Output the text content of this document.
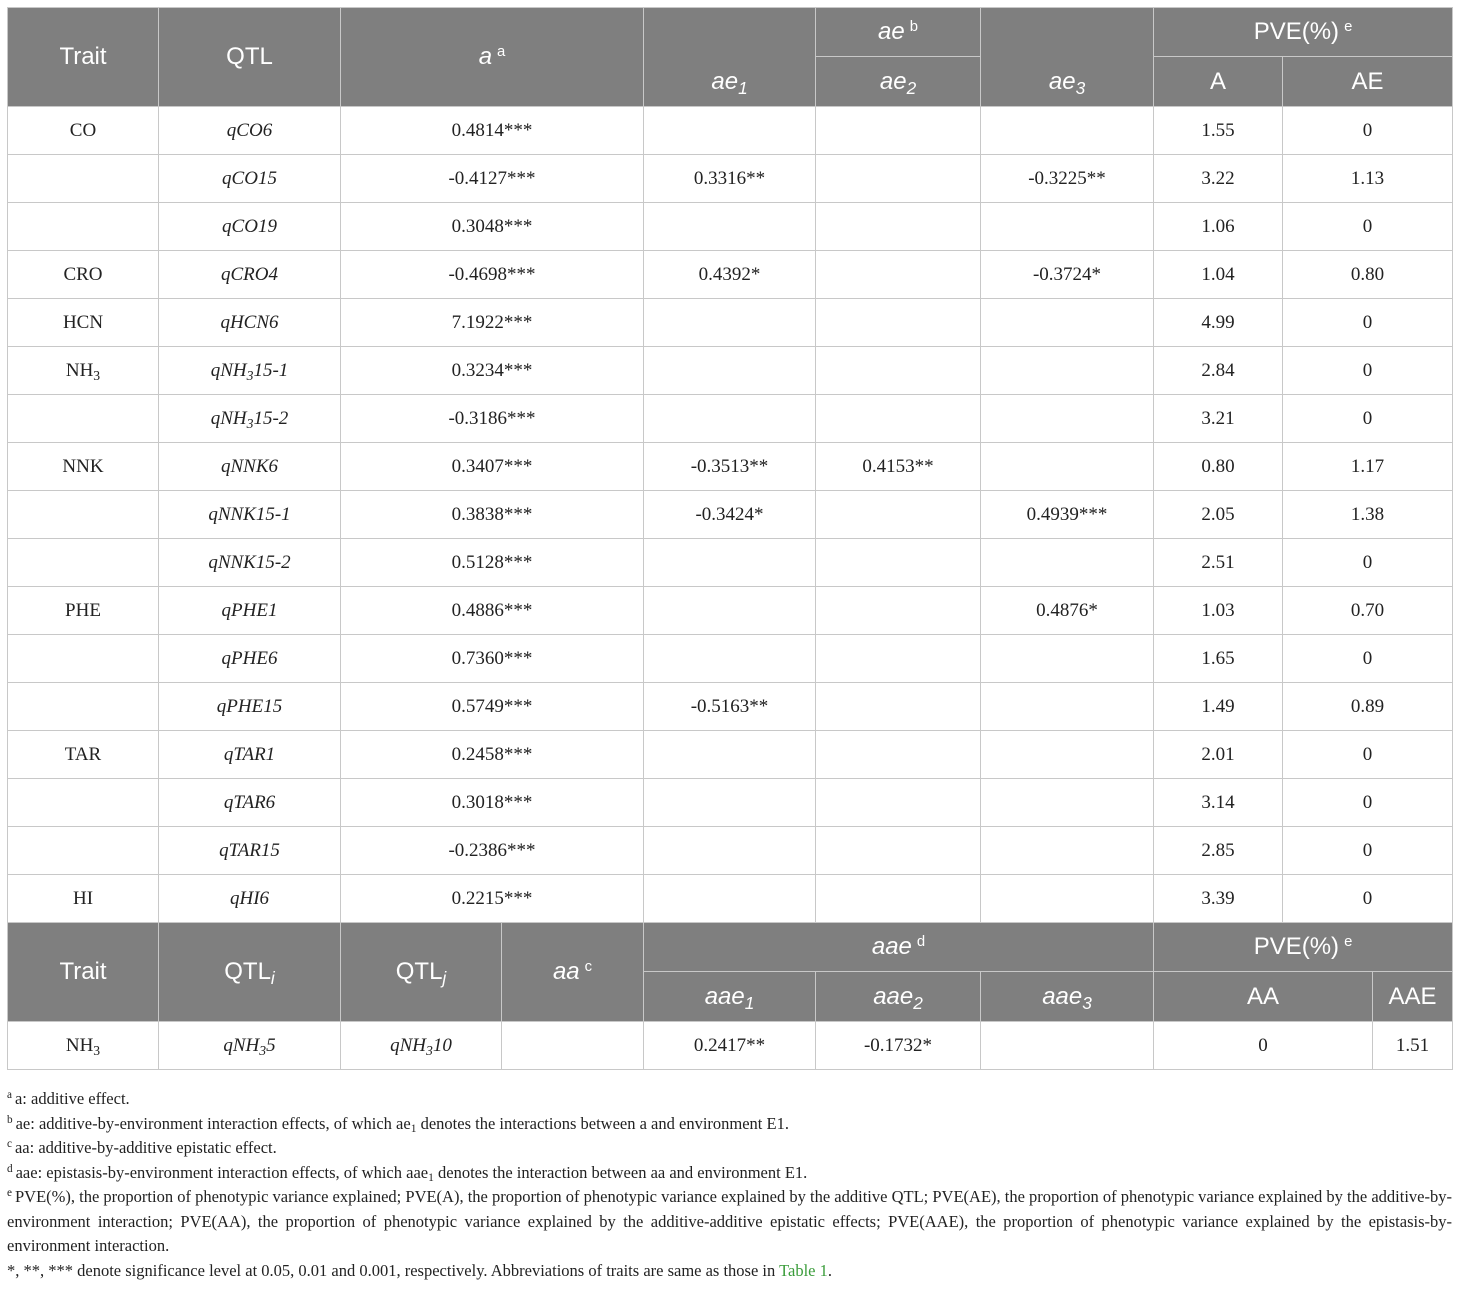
Trait	QTL	a $^a$		$ae_1$	ae $^b$	$ae_3$	PVE(%) $^e$
					$ae_2$		A	AE	
CO	qCO6	0.4814***					1.55	0	
	qCO15	-0.4127***		0.3316**		-0.3225**	3.22	1.13	
	qCO19	0.3048***					1.06	0	
CRO	qCRO4	-0.4698***		0.4392*		-0.3724*	1.04	0.80	
HCN	qHCN6	7.1922***					4.99	0	
$NH_3$	qNH$_3$15-1	0.3234***					2.84	0	
	qNH$_3$15-2	-0.3186***					3.21	0	
NNK	qNNK6	0.3407***		-0.3513**	0.4153**		0.80	1.17	
	qNNK15-1	0.3838***		-0.3424*		0.4939***	2.05	1.38	
	qNNK15-2	0.5128***					2.51	0	
PHE	qPHE1	0.4886***				0.4876*	1.03	0.70	
	qPHE6	0.7360***					1.65	0	
	qPHE15	0.5749***		-0.5163**			1.49	0.89	
TAR	qTAR1	0.2458***					2.01	0	
	qTAR6	0.3018***					3.14	0	
	qTAR15	-0.2386***					2.85	0	
HI	qHI6	0.2215***					3.39	0	
Trait	$QTL_i$	$QTL_j$	aa $^c$	aae $^d$			PVE(%) $^e$
				aae$_1$	aae$_2$	aae$_3$	AA		AAE
$NH_3$	qNH$_3$5	qNH$_3$10		0.2417**	-0.1732*		0		1.51

$^a$ a: additive effect.

$^b$ ae: additive-by-environment interaction effects, of which $ae_1$ denotes the interactions between a and environment E1.

$^c$ aa: additive-by-additive epistatic effect.

$^d$ aae: epistasis-by-environment interaction effects, of which aae$_1$ denotes the interaction between aa and environment E1.

$^e$ PVE(%), the proportion of phenotypic variance explained; PVE(A), the proportion of phenotypic variance explained by the additive QTL; PVE(AE), the proportion of phenotypic variance explained by the additive-by-environment interaction; PVE(AA), the proportion of phenotypic variance explained by the additive-additive epistatic effects; PVE(AAE), the proportion of phenotypic variance explained by the epistasis-by-environment interaction.

*, **, *** denote significance level at 0.05, 0.01 and 0.001, respectively. Abbreviations of traits are same as those in Table 1.
